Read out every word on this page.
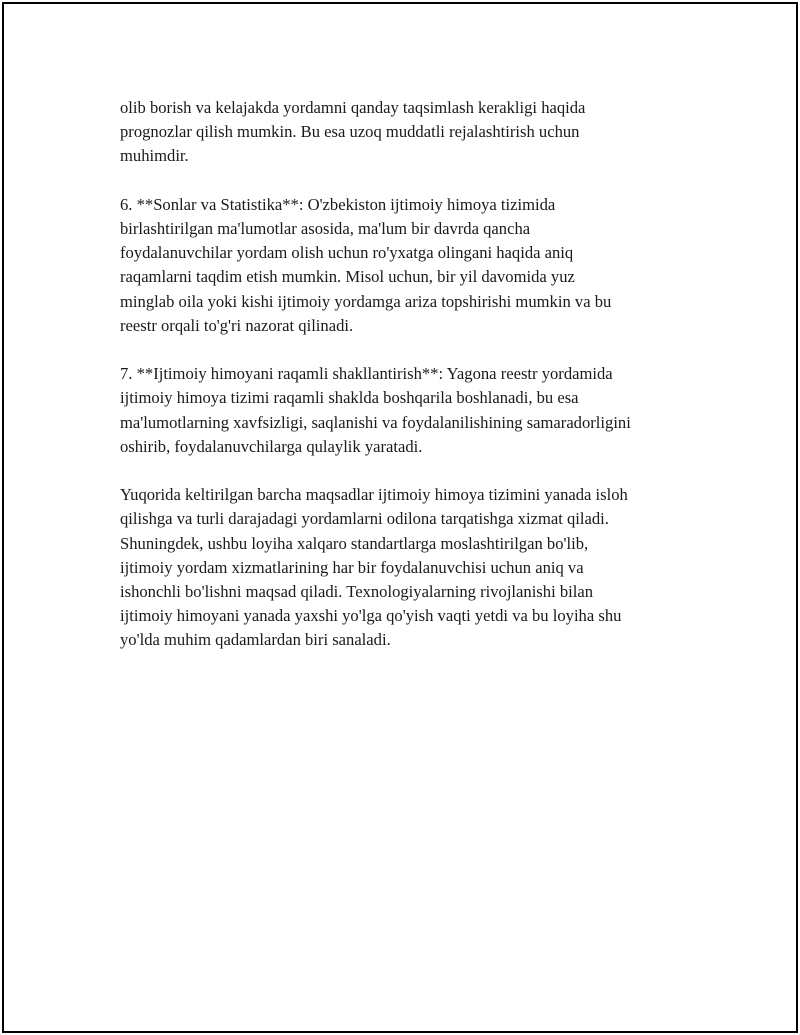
olib borish va kelajakda yordamni qanday taqsimlash kerakligi haqida
prognozlar qilish mumkin. Bu esa uzoq muddatli rejalashtirish uchun
muhimdir.

6. **Sonlar va Statistika**: O'zbekiston ijtimoiy himoya tizimida
birlashtirilgan ma'lumotlar asosida, ma'lum bir davrda qancha
foydalanuvchilar yordam olish uchun ro'yxatga olingani haqida aniq
raqamlarni taqdim etish mumkin. Misol uchun, bir yil davomida yuz
minglab oila yoki kishi ijtimoiy yordamga ariza topshirishi mumkin va bu
reestr orqali to'g'ri nazorat qilinadi.

7. **Ijtimoiy himoyani raqamli shakllantirish**: Yagona reestr yordamida
ijtimoiy himoya tizimi raqamli shaklda boshqarila boshlanadi, bu esa
ma'lumotlarning xavfsizligi, saqlanishi va foydalanilishining samaradorligini
oshirib, foydalanuvchilarga qulaylik yaratadi.

Yuqorida keltirilgan barcha maqsadlar ijtimoiy himoya tizimini yanada isloh
qilishga va turli darajadagi yordamlarni odilona tarqatishga xizmat qiladi.
Shuningdek, ushbu loyiha xalqaro standartlarga moslashtirilgan bo'lib,
ijtimoiy yordam xizmatlarining har bir foydalanuvchisi uchun aniq va
ishonchli bo'lishni maqsad qiladi. Texnologiyalarning rivojlanishi bilan
ijtimoiy himoyani yanada yaxshi yo'lga qo'yish vaqti yetdi va bu loyiha shu
yo'lda muhim qadamlardan biri sanaladi.
